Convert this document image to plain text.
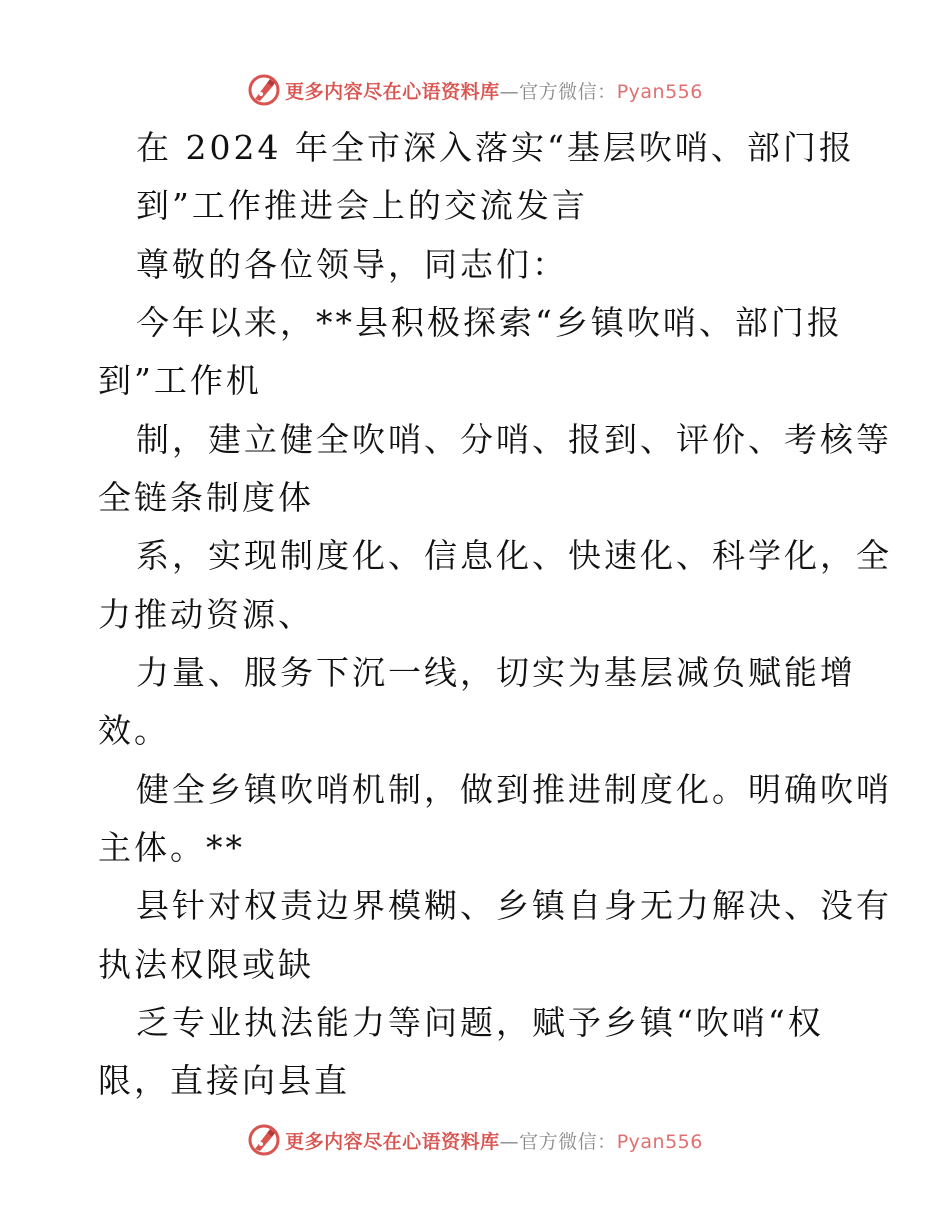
更多内容尽在心语资料库—官方微信：Pyan556
在 2024 年全市深入落实“基层吹哨、部门报
到”工作推进会上的交流发言
尊敬的各位领导，同志们：
今年以来，**县积极探索“乡镇吹哨、部门报
到”工作机
制，建立健全吹哨、分哨、报到、评价、考核等
全链条制度体
系，实现制度化、信息化、快速化、科学化，全
力推动资源、
力量、服务下沉一线，切实为基层减负赋能增
效。
健全乡镇吹哨机制，做到推进制度化。明确吹哨
主体。**
县针对权责边界模糊、乡镇自身无力解决、没有
执法权限或缺
乏专业执法能力等问题，赋予乡镇“吹哨“权
限，直接向县直
更多内容尽在心语资料库—官方微信：Pyan556
